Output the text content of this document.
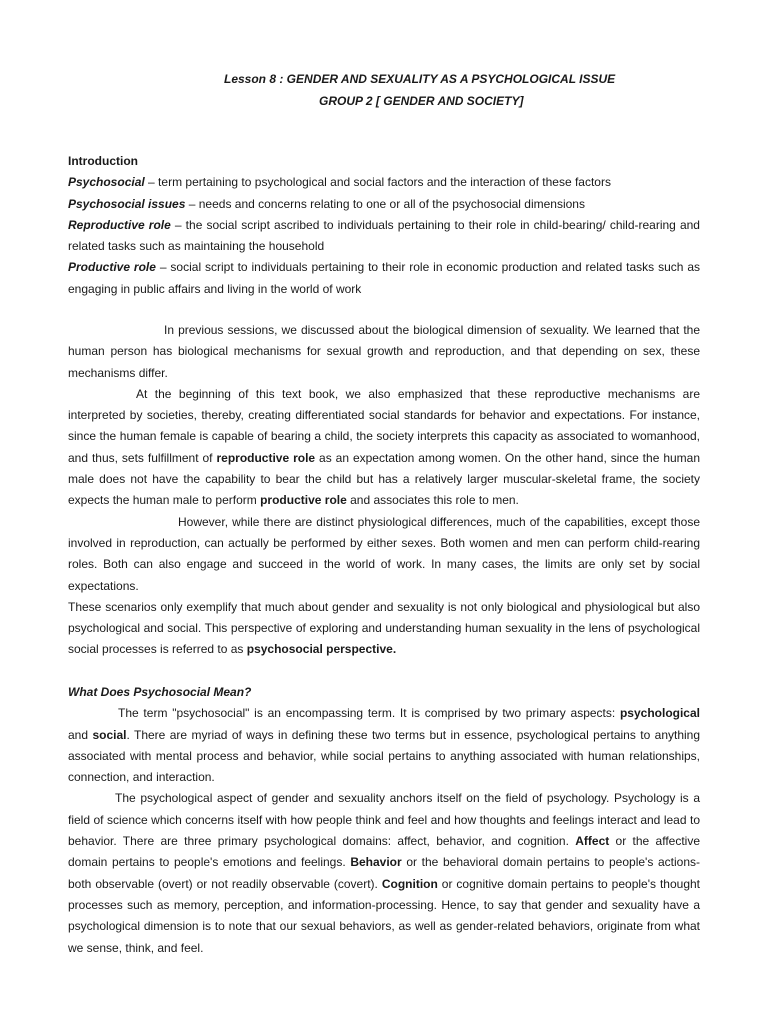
Lesson 8 : GENDER AND SEXUALITY AS A PSYCHOLOGICAL ISSUE
GROUP 2 [ GENDER AND SOCIETY]

Introduction

Psychosocial – term pertaining to psychological and social factors and the interaction of these factors

Psychosocial issues – needs and concerns relating to one or all of the psychosocial dimensions

Reproductive role – the social script ascribed to individuals pertaining to their role in child-bearing/ child-rearing and related tasks such as maintaining the household

Productive role – social script to individuals pertaining to their role in economic production and related tasks such as engaging in public affairs and living in the world of work

In previous sessions, we discussed about the biological dimension of sexuality. We learned that the human person has biological mechanisms for sexual growth and reproduction, and that depending on sex, these mechanisms differ.

At the beginning of this text book, we also emphasized that these reproductive mechanisms are interpreted by societies, thereby, creating differentiated social standards for behavior and expectations. For instance, since the human female is capable of bearing a child, the society interprets this capacity as associated to womanhood, and thus, sets fulfillment of reproductive role as an expectation among women. On the other hand, since the human male does not have the capability to bear the child but has a relatively larger muscular-skeletal frame, the society expects the human male to perform productive role and associates this role to men.

However, while there are distinct physiological differences, much of the capabilities, except those involved in reproduction, can actually be performed by either sexes. Both women and men can perform child-rearing roles. Both can also engage and succeed in the world of work. In many cases, the limits are only set by social expectations.

These scenarios only exemplify that much about gender and sexuality is not only biological and physiological but also psychological and social. This perspective of exploring and understanding human sexuality in the lens of psychological social processes is referred to as psychosocial perspective.

What Does Psychosocial Mean?

The term "psychosocial" is an encompassing term. It is comprised by two primary aspects: psychological and social. There are myriad of ways in defining these two terms but in essence, psychological pertains to anything associated with mental process and behavior, while social pertains to anything associated with human relationships, connection, and interaction.

The psychological aspect of gender and sexuality anchors itself on the field of psychology. Psychology is a field of science which concerns itself with how people think and feel and how thoughts and feelings interact and lead to behavior. There are three primary psychological domains: affect, behavior, and cognition. Affect or the affective domain pertains to people's emotions and feelings. Behavior or the behavioral domain pertains to people's actions-both observable (overt) or not readily observable (covert). Cognition or cognitive domain pertains to people's thought processes such as memory, perception, and information-processing. Hence, to say that gender and sexuality have a psychological dimension is to note that our sexual behaviors, as well as gender-related behaviors, originate from what we sense, think, and feel.
